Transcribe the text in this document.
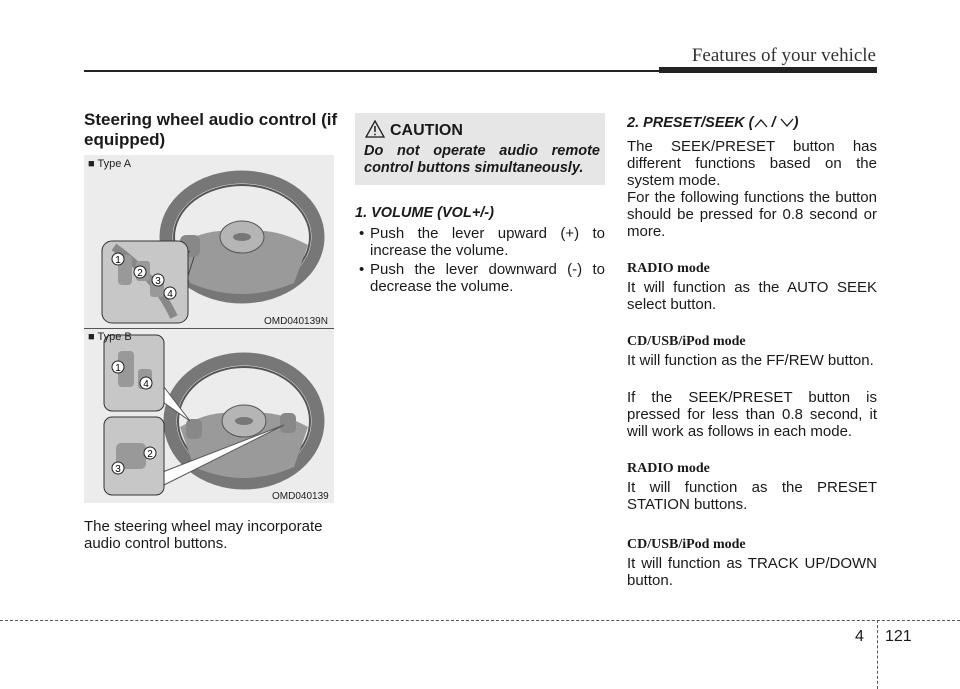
Features of your vehicle
Steering wheel audio control (if equipped)
1
2
3
4
1
4
2
3
■ Type A
OMD040139N
■ Type B
OMD040139
The steering wheel may incorporate audio control buttons.
CAUTION
Do not operate audio remote control buttons simultaneously.
1. VOLUME (VOL+/-)
• Push the lever upward (+) to increase the volume.
• Push the lever downward (-) to decrease the volume.
2. PRESET/SEEK ( / )
The SEEK/PRESET button has different functions based on the system mode.
For the following functions the button should be pressed for 0.8 second or more.
RADIO mode
It will function as the AUTO SEEK select button.
CD/USB/iPod mode
It will function as the FF/REW button.
If the SEEK/PRESET button is pressed for less than 0.8 second, it will work as follows in each mode.
RADIO mode
It will function as the PRESET STATION buttons.
CD/USB/iPod mode
It will function as TRACK UP/DOWN button.
4 121
